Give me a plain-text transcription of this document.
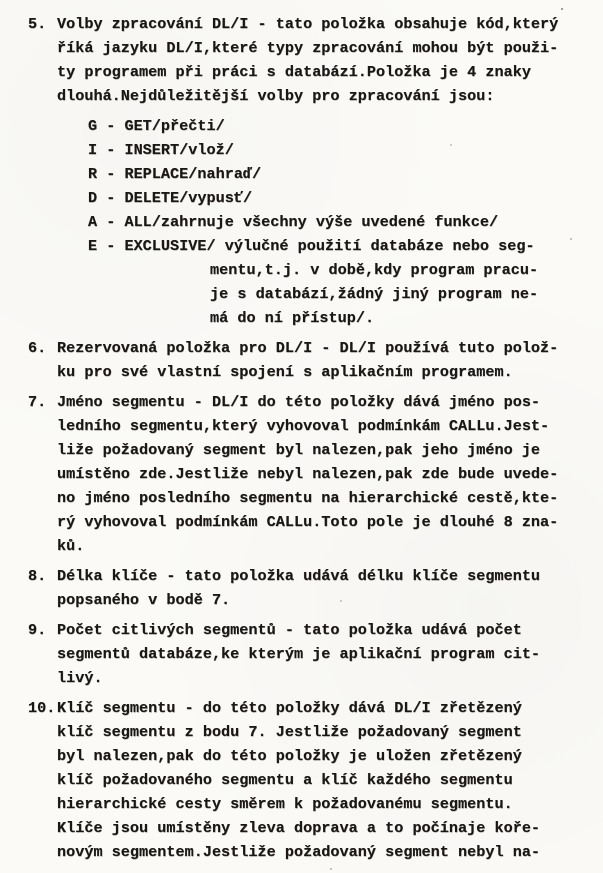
5. Volby zpracování DL/I - tato položka obsahuje kód,který
říká jazyku DL/I,které typy zpracování mohou být použi-
ty programem při práci s databází.Položka je 4 znaky
dlouhá.Nejdůležitější volby pro zpracování jsou:
G - GET/přečti/
I - INSERT/vlož/
R - REPLACE/nahraď/
D - DELETE/vypusť/
A - ALL/zahrnuje všechny výše uvedené funkce/
E - EXCLUSIVE/ výlučné použití databáze nebo seg-
mentu,t.j. v době,kdy program pracu-
je s databází,žádný jiný program ne-
má do ní přístup/.
6. Rezervovaná položka pro DL/I - DL/I používá tuto polož-
ku pro své vlastní spojení s aplikačním programem.
7. Jméno segmentu - DL/I do této položky dává jméno pos-
ledního segmentu,který vyhovoval podmínkám CALLu.Jest-
liže požadovaný segment byl nalezen,pak jeho jméno je
umístěno zde.Jestliže nebyl nalezen,pak zde bude uvede-
no jméno posledního segmentu na hierarchické cestě,kte-
rý vyhovoval podmínkám CALLu.Toto pole je dlouhé 8 zna-
ků.
8. Délka klíče - tato položka udává délku klíče segmentu
popsaného v bodě 7.
9. Počet citlivých segmentů - tato položka udává počet
segmentů databáze,ke kterým je aplikační program cit-
livý.
10. Klíč segmentu - do této položky dává DL/I zřetězený
klíč segmentu z bodu 7. Jestliže požadovaný segment
byl nalezen,pak do této položky je uložen zřetězený
klíč požadovaného segmentu a klíč každého segmentu
hierarchické cesty směrem k požadovanému segmentu.
Klíče jsou umístěny zleva doprava a to počínaje koře-
novým segmentem.Jestliže požadovaný segment nebyl na-
